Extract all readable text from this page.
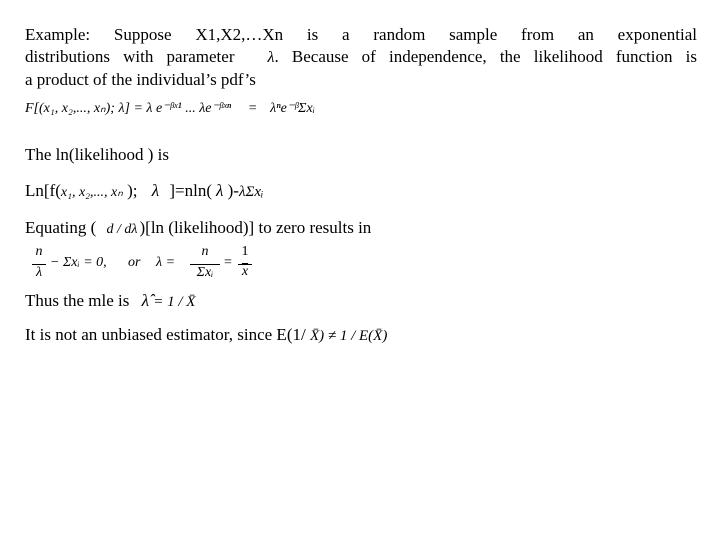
Example: Suppose X1,X2,…Xn is a random sample from an exponential
distributions with parameter   λ. Because of independence, the likelihood function is
a product of the individual’s pdf’s
F[(x₁, x₂,..., xₙ); λ] = λ e⁻ᵝˣ¹ ... λe⁻ᵝˣⁿ = λⁿe⁻ᵝΣxᵢ
The ln(likelihood ) is
Ln[f(x₁, x₂,..., xₙ ); λ ]=nln( λ )-λΣxᵢ
Equating ( d / dλ )[ln (likelihood)] to zero results in
n
λ
− Σxᵢ = 0, or λ =
n
Σxᵢ
=
1
$\overline{x}$
Thus the mle is λ̂ = 1 / X̄
It is not an unbiased estimator, since E(1/ X̄) ≠ 1 / E(X̄)
